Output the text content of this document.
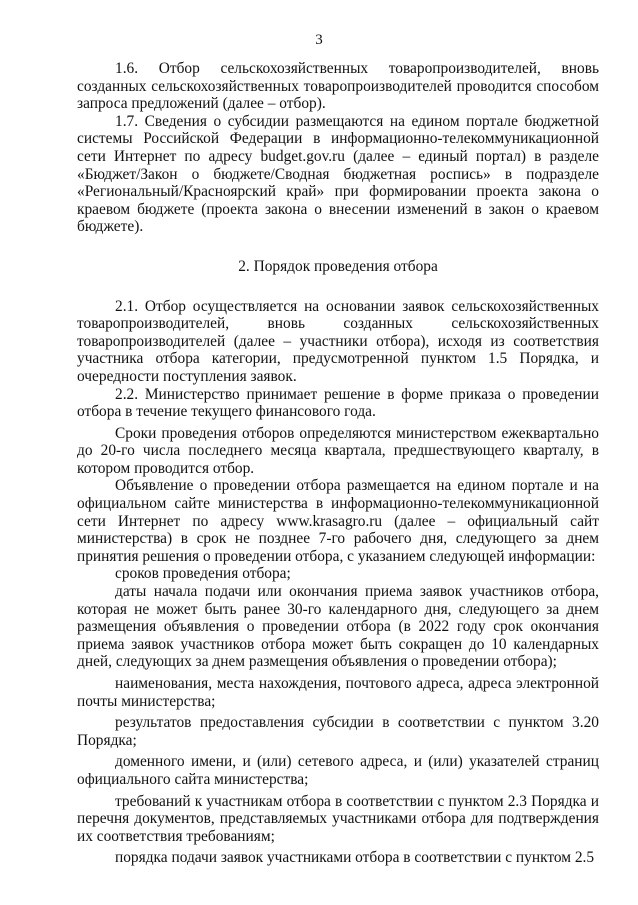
3

1.6. Отбор сельскохозяйственных товаропроизводителей, вновь созданных сельскохозяйственных товаропроизводителей проводится способом запроса предложений (далее – отбор).

1.7. Сведения о субсидии размещаются на едином портале бюджетной системы Российской Федерации в информационно-телекоммуникационной сети Интернет по адресу budget.gov.ru (далее – единый портал) в разделе «Бюджет/Закон о бюджете/Сводная бюджетная роспись» в подразделе «Региональный/Красноярский край» при формировании проекта закона о краевом бюджете (проекта закона о внесении изменений в закон о краевом бюджете).

2. Порядок проведения отбора

2.1. Отбор осуществляется на основании заявок сельскохозяйственных товаропроизводителей, вновь созданных сельскохозяйственных товаропроизводителей (далее – участники отбора), исходя из соответствия участника отбора категории, предусмотренной пунктом 1.5 Порядка, и очередности поступления заявок.

2.2. Министерство принимает решение в форме приказа о проведении отбора в течение текущего финансового года.

Сроки проведения отборов определяются министерством ежеквартально до 20-го числа последнего месяца квартала, предшествующего кварталу, в котором проводится отбор.

Объявление о проведении отбора размещается на едином портале и на официальном сайте министерства в информационно-телекоммуникационной сети Интернет по адресу www.krasagro.ru (далее – официальный сайт министерства) в срок не позднее 7-го рабочего дня, следующего за днем принятия решения о проведении отбора, с указанием следующей информации:

сроков проведения отбора;

даты начала подачи или окончания приема заявок участников отбора, которая не может быть ранее 30-го календарного дня, следующего за днем размещения объявления о проведении отбора (в 2022 году срок окончания приема заявок участников отбора может быть сокращен до 10 календарных дней, следующих за днем размещения объявления о проведении отбора);

наименования, места нахождения, почтового адреса, адреса электронной почты министерства;

результатов предоставления субсидии в соответствии с пунктом 3.20 Порядка;

доменного имени, и (или) сетевого адреса, и (или) указателей страниц официального сайта министерства;

требований к участникам отбора в соответствии с пунктом 2.3 Порядка и перечня документов, представляемых участниками отбора для подтверждения их соответствия требованиям;

порядка подачи заявок участниками отбора в соответствии с пунктом 2.5
